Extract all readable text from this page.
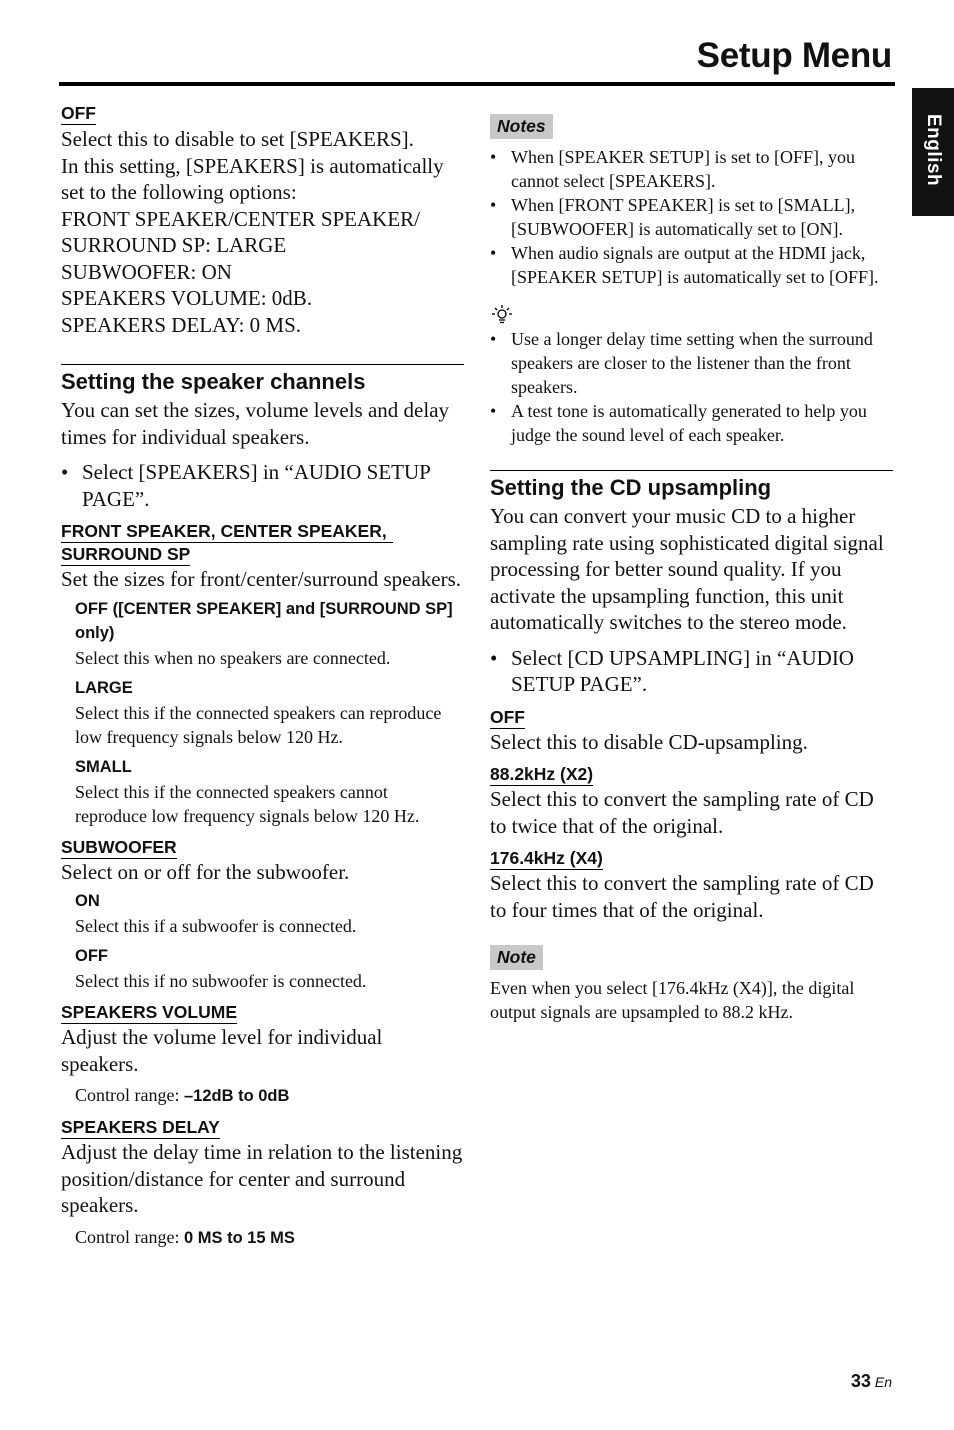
Setup Menu
English
OFF

Select this to disable to set [SPEAKERS].

In this setting, [SPEAKERS] is automatically

set to the following options:

FRONT SPEAKER/CENTER SPEAKER/

SURROUND SP: LARGE

SUBWOOFER: ON

SPEAKERS VOLUME: 0dB.

SPEAKERS DELAY: 0 MS.

Setting the speaker channels

You can set the sizes, volume levels and delay times for individual speakers.

• Select [SPEAKERS] in “AUDIO SETUP PAGE”.

FRONT SPEAKER, CENTER SPEAKER,
SURROUND SP

Set the sizes for front/center/surround speakers.

OFF ([CENTER SPEAKER] and [SURROUND SP] only)

Select this when no speakers are connected.

LARGE

Select this if the connected speakers can reproduce low frequency signals below 120 Hz.

SMALL

Select this if the connected speakers cannot reproduce low frequency signals below 120 Hz.

SUBWOOFER

Select on or off for the subwoofer.

ON

Select this if a subwoofer is connected.

OFF

Select this if no subwoofer is connected.

SPEAKERS VOLUME

Adjust the volume level for individual speakers.

Control range: –12dB to 0dB

SPEAKERS DELAY

Adjust the delay time in relation to the listening position/distance for center and surround speakers.

Control range: 0 MS to 15 MS

Notes

• When [SPEAKER SETUP] is set to [OFF], you cannot select [SPEAKERS].

• When [FRONT SPEAKER] is set to [SMALL], [SUBWOOFER] is automatically set to [ON].

• When audio signals are output at the HDMI jack, [SPEAKER SETUP] is automatically set to [OFF].

• Use a longer delay time setting when the surround speakers are closer to the listener than the front speakers.

• A test tone is automatically generated to help you judge the sound level of each speaker.

Setting the CD upsampling

You can convert your music CD to a higher sampling rate using sophisticated digital signal processing for better sound quality. If you activate the upsampling function, this unit automatically switches to the stereo mode.

• Select [CD UPSAMPLING] in “AUDIO SETUP PAGE”.

OFF

Select this to disable CD-upsampling.

88.2kHz (X2)

Select this to convert the sampling rate of CD to twice that of the original.

176.4kHz (X4)

Select this to convert the sampling rate of CD to four times that of the original.

Note

Even when you select [176.4kHz (X4)], the digital output signals are upsampled to 88.2 kHz.

33 En
